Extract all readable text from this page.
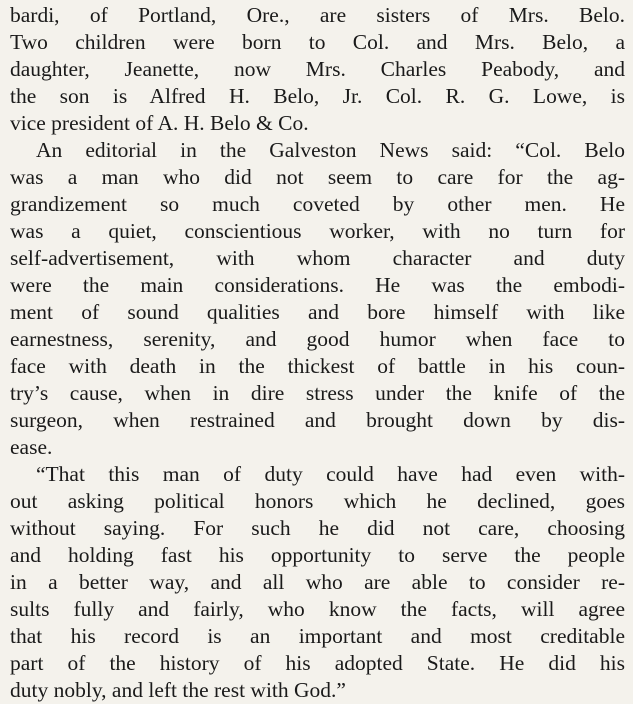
bardi, of Portland, Ore., are sisters of Mrs. Belo.
Two children were born to Col. and Mrs. Belo, a
daughter, Jeanette, now Mrs. Charles Peabody, and
the son is Alfred H. Belo, Jr. Col. R. G. Lowe, is
vice president of A. H. Belo & Co.
An editorial in the Galveston News said: “Col. Belo
was a man who did not seem to care for the ag-
grandizement so much coveted by other men. He
was a quiet, conscientious worker, with no turn for
self-advertisement, with whom character and duty
were the main considerations. He was the embodi-
ment of sound qualities and bore himself with like
earnestness, serenity, and good humor when face to
face with death in the thickest of battle in his coun-
try’s cause, when in dire stress under the knife of the
surgeon, when restrained and brought down by dis-
ease.
“That this man of duty could have had even with-
out asking political honors which he declined, goes
without saying. For such he did not care, choosing
and holding fast his opportunity to serve the people
in a better way, and all who are able to consider re-
sults fully and fairly, who know the facts, will agree
that his record is an important and most creditable
part of the history of his adopted State. He did his
duty nobly, and left the rest with God.”
